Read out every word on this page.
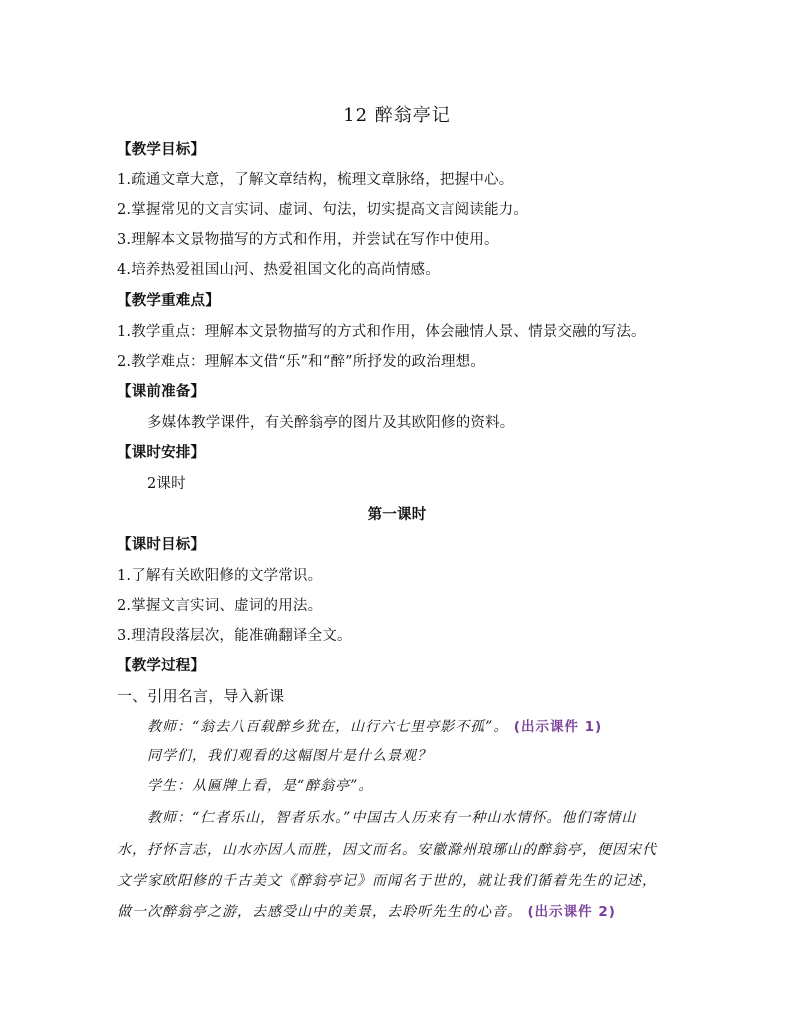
12 醉翁亭记
【教学目标】
1.疏通文章大意，了解文章结构，梳理文章脉络，把握中心。
2.掌握常见的文言实词、虚词、句法，切实提高文言阅读能力。
3.理解本文景物描写的方式和作用，并尝试在写作中使用。
4.培养热爱祖国山河、热爱祖国文化的高尚情感。
【教学重难点】
1.教学重点：理解本文景物描写的方式和作用，体会融情人景、情景交融的写法。
2.教学难点：理解本文借“乐”和“醉”所抒发的政治理想。
【课前准备】
多媒体教学课件，有关醉翁亭的图片及其欧阳修的资料。
【课时安排】
2课时
第一课时
【课时目标】
1.了解有关欧阳修的文学常识。
2.掌握文言实词、虚词的用法。
3.理清段落层次，能准确翻译全文。
【教学过程】
一、引用名言，导入新课
教师：“翁去八百载醉乡犹在，山行六七里亭影不孤”。 (出示课件 1)
同学们，我们观看的这幅图片是什么景观？
学生：从匾牌上看，是“醉翁亭”。
教师：“仁者乐山，智者乐水。”中国古人历来有一种山水情怀。他们寄情山
水，抒怀言志，山水亦因人而胜，因文而名。安徽滁州琅琊山的醉翁亭，便因宋代
文学家欧阳修的千古美文《醉翁亭记》而闻名于世的，就让我们循着先生的记述，
做一次醉翁亭之游，去感受山中的美景，去聆听先生的心音。 (出示课件 2)
